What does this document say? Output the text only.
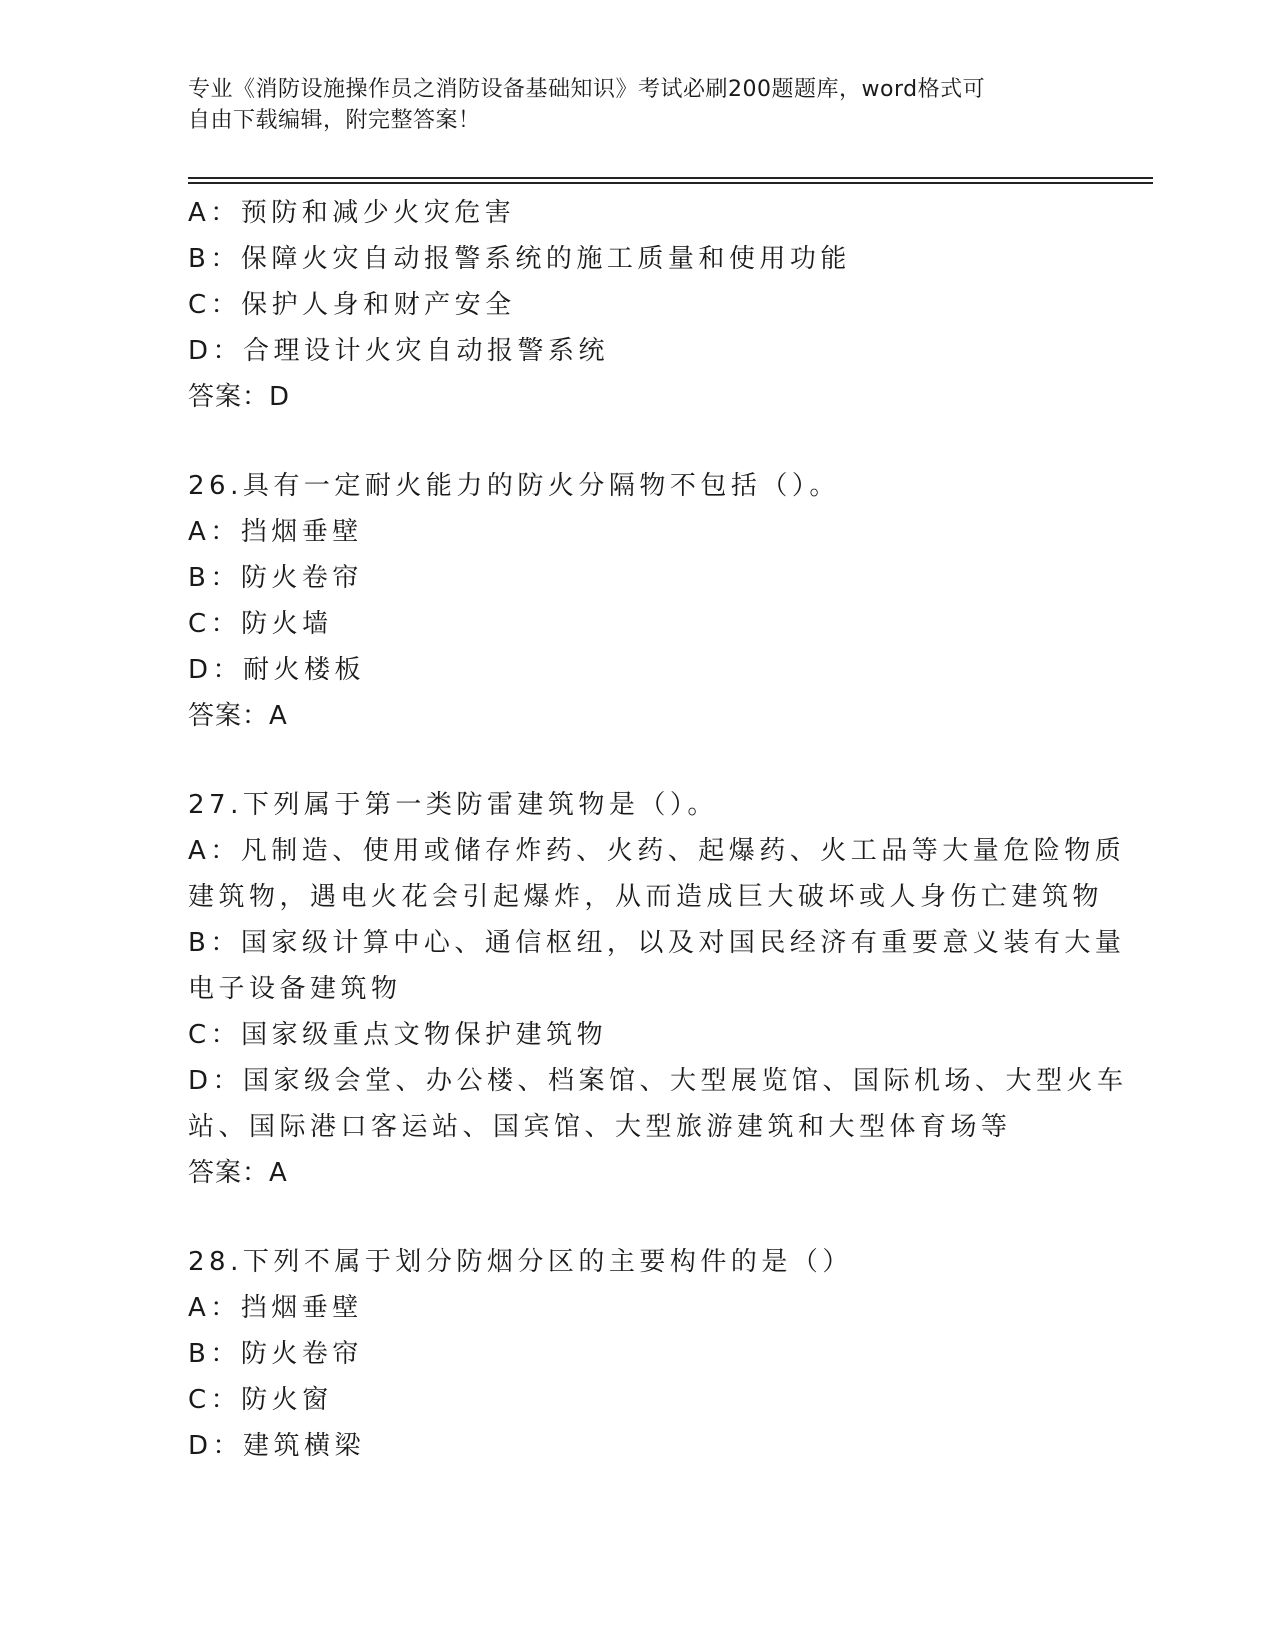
专业《消防设施操作员之消防设备基础知识》考试必刷200题题库，word格式可
自由下载编辑，附完整答案！
A：预防和减少火灾危害
B：保障火灾自动报警系统的施工质量和使用功能
C：保护人身和财产安全
D：合理设计火灾自动报警系统
答案：D
26.具有一定耐火能力的防火分隔物不包括（）。
A：挡烟垂壁
B：防火卷帘
C：防火墙
D：耐火楼板
答案：A
27.下列属于第一类防雷建筑物是（）。
A：凡制造、使用或储存炸药、火药、起爆药、火工品等大量危险物质
建筑物，遇电火花会引起爆炸，从而造成巨大破坏或人身伤亡建筑物
B：国家级计算中心、通信枢纽，以及对国民经济有重要意义装有大量
电子设备建筑物
C：国家级重点文物保护建筑物
D：国家级会堂、办公楼、档案馆、大型展览馆、国际机场、大型火车
站、国际港口客运站、国宾馆、大型旅游建筑和大型体育场等
答案：A
28.下列不属于划分防烟分区的主要构件的是（）
A：挡烟垂壁
B：防火卷帘
C：防火窗
D：建筑横梁
